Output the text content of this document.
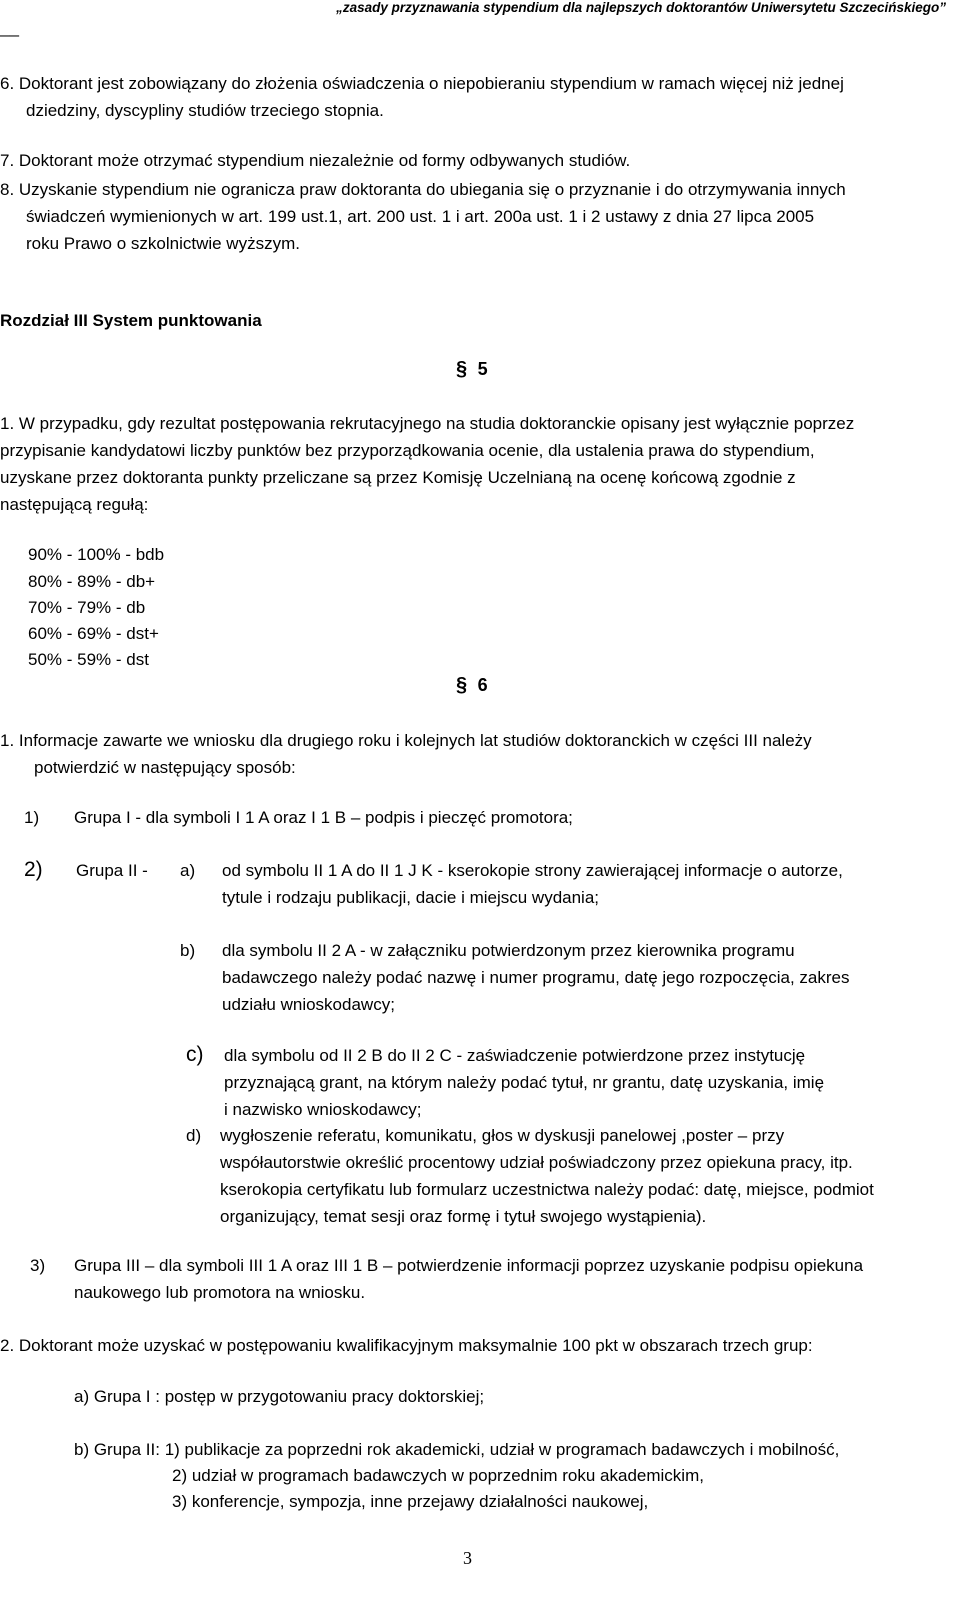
„zasady przyznawania stypendium dla najlepszych doktorantów Uniwersytetu Szczecińskiego”
__
6. Doktorant jest zobowiązany do złożenia oświadczenia o niepobieraniu stypendium w ramach więcej niż jednej
dziedziny, dyscypliny studiów trzeciego stopnia.
7. Doktorant może otrzymać stypendium niezależnie od formy odbywanych studiów.
8. Uzyskanie stypendium nie ogranicza praw doktoranta do ubiegania się o przyznanie i do otrzymywania innych
świadczeń wymienionych w art. 199 ust.1, art. 200 ust. 1 i art. 200a ust. 1 i 2 ustawy z dnia 27 lipca 2005
roku Prawo o szkolnictwie wyższym.
Rozdział III System punktowania
§ 5
1. W przypadku, gdy rezultat postępowania rekrutacyjnego na studia doktoranckie opisany jest wyłącznie poprzez
przypisanie kandydatowi liczby punktów bez przyporządkowania ocenie, dla ustalenia prawa do stypendium,
uzyskane przez doktoranta punkty przeliczane są przez Komisję Uczelnianą na ocenę końcową zgodnie z
następującą regułą:
90% - 100% - bdb
80% - 89% - db+
70% - 79% - db
60% - 69% - dst+
50% - 59% - dst
§ 6
1. Informacje zawarte we wniosku dla drugiego roku i kolejnych lat studiów doktoranckich w części III należy
potwierdzić w następujący sposób:
1) Grupa I - dla symboli I 1 A oraz I 1 B – podpis i pieczęć promotora;
2) Grupa II - a) od symbolu II 1 A do II 1 J K - kserokopie strony zawierającej informacje o autorze,
tytule i rodzaju publikacji, dacie i miejscu wydania;
b) dla symbolu II 2 A - w załączniku potwierdzonym przez kierownika programu
badawczego należy podać nazwę i numer programu, datę jego rozpoczęcia, zakres
udziału wnioskodawcy;
c) dla symbolu od II 2 B do II 2 C - zaświadczenie potwierdzone przez instytucję
przyznającą grant, na którym należy podać tytuł, nr grantu, datę uzyskania, imię
i nazwisko wnioskodawcy;
d) wygłoszenie referatu, komunikatu, głos w dyskusji panelowej ,poster – przy
współautorstwie określić procentowy udział poświadczony przez opiekuna pracy, itp.
kserokopia certyfikatu lub formularz uczestnictwa należy podać: datę, miejsce, podmiot
organizujący, temat sesji oraz formę i tytuł swojego wystąpienia).
3) Grupa III – dla symboli III 1 A oraz III 1 B – potwierdzenie informacji poprzez uzyskanie podpisu opiekuna
naukowego lub promotora na wniosku.
2. Doktorant może uzyskać w postępowaniu kwalifikacyjnym maksymalnie 100 pkt w obszarach trzech grup:
a) Grupa I : postęp w przygotowaniu pracy doktorskiej;
b) Grupa II: 1) publikacje za poprzedni rok akademicki, udział w programach badawczych i mobilność,
2) udział w programach badawczych w poprzednim roku akademickim,
3) konferencje, sympozja, inne przejawy działalności naukowej,
3
